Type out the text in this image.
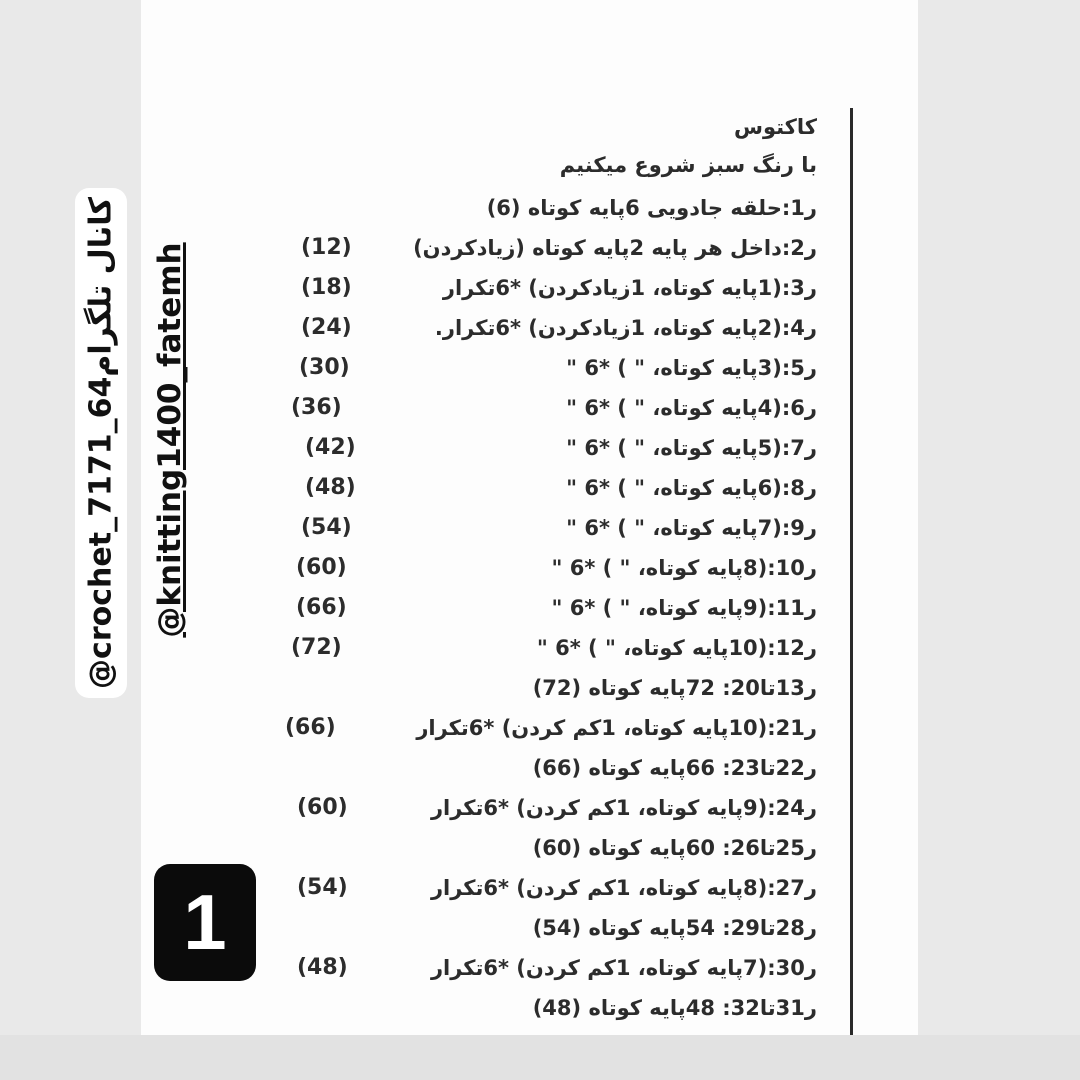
کاکتوس
با رنگ سبز شروع میکنیم
ر1:حلقه جادویی 6پایه کوتاه (6)
ر2:داخل هر پایه 2پایه کوتاه (زیادکردن)
(12)
ر3:(1پایه کوتاه، 1زیادکردن) *6تکرار
(18)
ر4:(2پایه کوتاه، 1زیادکردن) *6تکرار.
(24)
ر5:(3پایه کوتاه، " ) *6 "
(30)
ر6:(4پایه کوتاه، " ) *6 "
(36)
ر7:(5پایه کوتاه، " ) *6 "
(42)
ر8:(6پایه کوتاه، " ) *6 "
(48)
ر9:(7پایه کوتاه، " ) *6 "
(54)
ر10:(8پایه کوتاه، " ) *6 "
(60)
ر11:(9پایه کوتاه، " ) *6 "
(66)
ر12:(10پایه کوتاه، " ) *6 "
(72)
ر13تا20: 72پایه کوتاه (72)
ر21:(10پایه کوتاه، 1کم کردن) *6تکرار
(66)
ر22تا23: 66پایه کوتاه (66)
ر24:(9پایه کوتاه، 1کم کردن) *6تکرار
(60)
ر25تا26: 60پایه کوتاه (60)
ر27:(8پایه کوتاه، 1کم کردن) *6تکرار
(54)
ر28تا29: 54پایه کوتاه (54)
ر30:(7پایه کوتاه، 1کم کردن) *6تکرار
(48)
ر31تا32: 48پایه کوتاه (48)
@crochet_7171_64کانال تلگرام @knitting1400_fatemh
1
